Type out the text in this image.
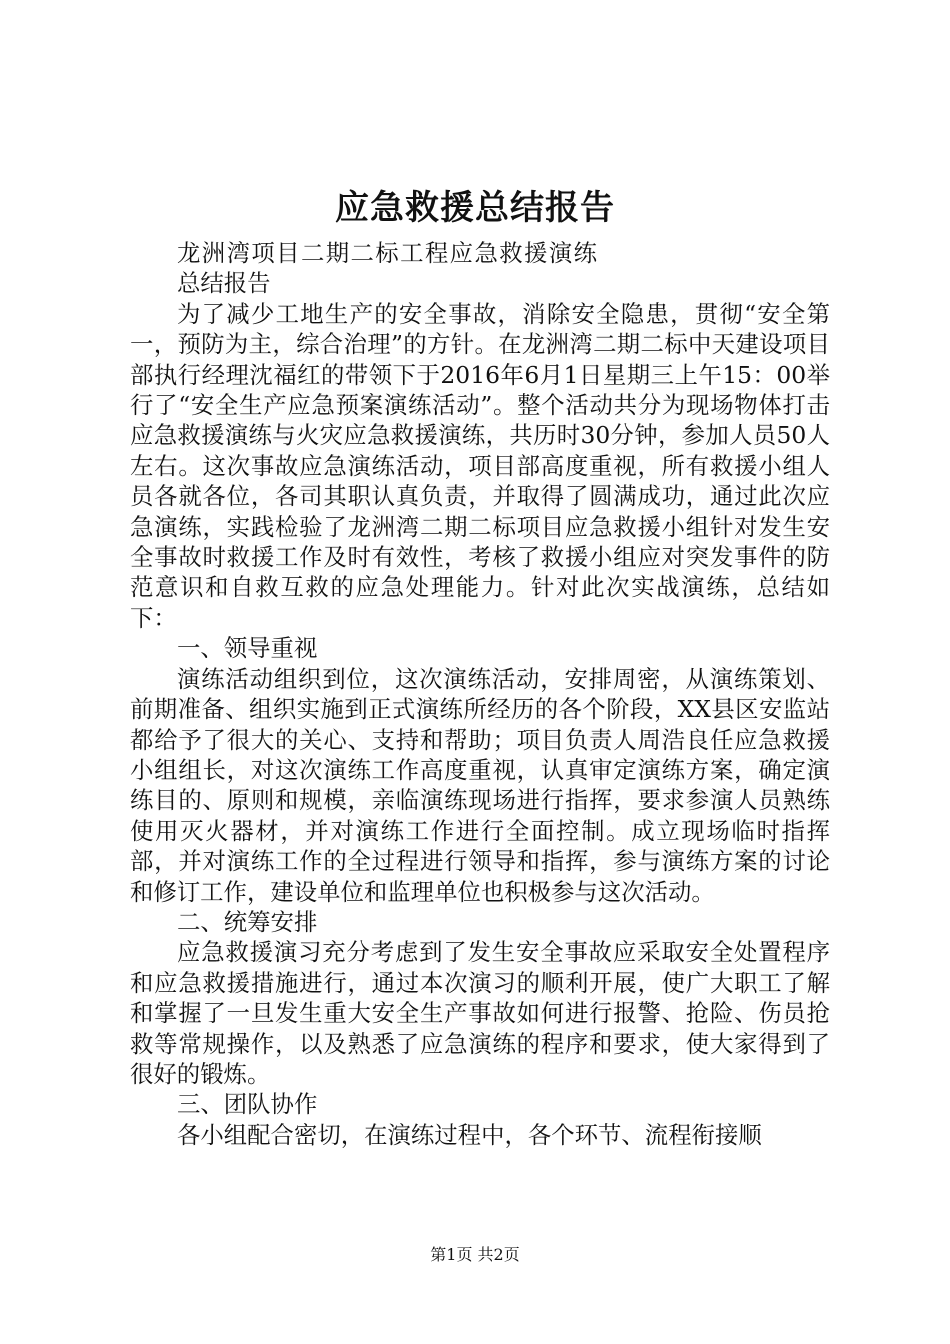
应急救援总结报告

龙洲湾项目二期二标工程应急救援演练总结报告

为了减少工地生产的安全事故，消除安全隐患，贯彻“安全第一，预防为主，综合治理”的方针。在龙洲湾二期二标中天建设项目部执行经理沈福红的带领下于2016年6月1日星期三上午15：00举行了“安全生产应急预案演练活动”。整个活动共分为现场物体打击应急救援演练与火灾应急救援演练，共历时30分钟，参加人员50人左右。这次事故应急演练活动，项目部高度重视，所有救援小组人员各就各位，各司其职认真负责，并取得了圆满成功，通过此次应急演练，实践检验了龙洲湾二期二标项目应急救援小组针对发生安全事故时救援工作及时有效性，考核了救援小组应对突发事件的防范意识和自救互救的应急处理能力。针对此次实战演练，总结如下：

一、领导重视

演练活动组织到位，这次演练活动，安排周密，从演练策划、前期准备、组织实施到正式演练所经历的各个阶段，XX县区安监站都给予了很大的关心、支持和帮助；项目负责人周浩良任应急救援小组组长，对这次演练工作高度重视，认真审定演练方案，确定演练目的、原则和规模，亲临演练现场进行指挥，要求参演人员熟练使用灭火器材，并对演练工作进行全面控制。成立现场临时指挥部，并对演练工作的全过程进行领导和指挥，参与演练方案的讨论和修订工作，建设单位和监理单位也积极参与这次活动。

二、统筹安排

应急救援演习充分考虑到了发生安全事故应采取安全处置程序和应急救援措施进行，通过本次演习的顺利开展，使广大职工了解和掌握了一旦发生重大安全生产事故如何进行报警、抢险、伤员抢救等常规操作，以及熟悉了应急演练的程序和要求，使大家得到了很好的锻炼。

三、团队协作

各小组配合密切，在演练过程中，各个环节、流程衔接顺

第1页 共2页
